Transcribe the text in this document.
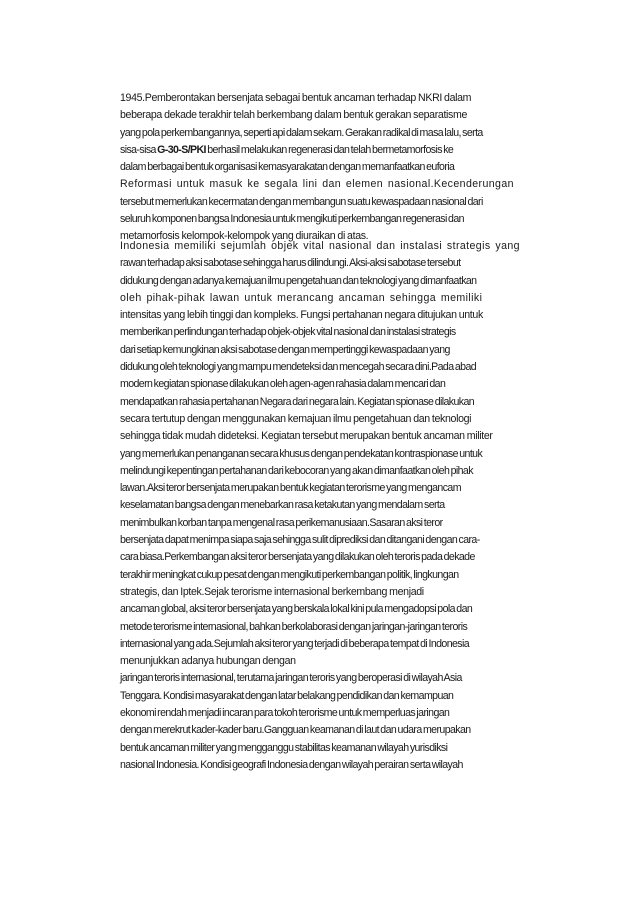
1945.Pemberontakan bersenjata sebagai bentuk ancaman terhadap NKRI dalam
beberapa dekade terakhir telah berkembang dalam bentuk gerakan separatisme
yang pola perkembangannya, seperti api dalam sekam. Gerakan radikal di masa lalu, serta
sisa-sisa G-30-S/PKI berhasil melakukan regenerasi dan telah bermetamorfosis ke
dalam berbagai bentuk organisasi kemasyarakatan dengan memanfaatkan euforia
Reformasi untuk masuk ke segala lini dan elemen nasional.Kecenderungan
tersebut memerlukan kecermatan dengan membangun suatu kewaspadaan nasional dari
seluruh komponen bangsa Indonesia untuk mengikuti perkembangan regenerasi dan
metamorfosis kelompok-kelompok yang diuraikan di atas.
Indonesia memiliki sejumlah objek vital nasional dan instalasi strategis yang
rawan terhadap aksi sabotase sehingga harus dilindungi. Aksi-aksi sabotase tersebut
didukung dengan adanya kemajuan ilmu pengetahuan dan teknologi yang dimanfaatkan
oleh pihak-pihak lawan untuk merancang ancaman sehingga memiliki
intensitas yang lebih tinggi dan kompleks. Fungsi pertahanan negara ditujukan untuk
memberikan perlindungan terhadap objek-objek vital nasional dan instalasi strategis
dari setiap kemungkinan aksi sabotase dengan mempertinggi kewaspadaan yang
didukung oleh teknologi yang mampu mendeteksi dan mencegah secara dini.Pada abad
modern kegiatan spionase dilakukan oleh agen-agen rahasia dalam mencari dan
mendapatkan rahasia pertahanan Negara dari negara lain. Kegiatan spionase dilakukan
secara tertutup dengan menggunakan kemajuan ilmu pengetahuan dan teknologi
sehingga tidak mudah dideteksi. Kegiatan tersebut merupakan bentuk ancaman militer
yang memerlukan penanganan secara khusus dengan pendekatan kontraspionase untuk
melindungi kepentingan pertahanan dari kebocoran yang akan dimanfaatkan oleh pihak
lawan.Aksi teror bersenjata merupakan bentuk kegiatan terorisme yang mengancam
keselamatan bangsa dengan menebarkan rasa ketakutan yang mendalam serta
menimbulkan korban tanpa mengenal rasa perikemanusiaan.Sasaran aksi teror
bersenjata dapat menimpa siapa saja sehingga sulit diprediksi dan ditangani dengan cara-
cara biasa.Perkembangan aksi teror bersenjata yang dilakukan oleh teroris pada dekade
terakhir meningkat cukup pesat dengan mengikuti perkembangan politik, lingkungan
strategis, dan Iptek.Sejak terorisme internasional berkembang menjadi
ancaman global, aksi teror bersenjata yang berskala lokal kini pula mengadopsi pola dan
metode terorisme internasional, bahkan berkolaborasi dengan jaringan-jaringan teroris
internasional yang ada.Sejumlah aksi teror yang terjadi di beberapa tempat di Indonesia
menunjukkan adanya hubungan dengan
jaringan teroris internasional, terutama jaringan teroris yang beroperasi di wilayah Asia
Tenggara. Kondisi masyarakat dengan latar belakang pendidikan dan kemampuan
ekonomi rendah menjadi incaran para tokoh terorisme untuk memperluas jaringan
dengan merekrut kader-kader baru.Gangguan keamanan di laut dan udara merupakan
bentuk ancaman militer yang mengganggu stabilitas keamanan wilayah yurisdiksi
nasional Indonesia. Kondisi geografi Indonesia dengan wilayah perairan serta wilayah
